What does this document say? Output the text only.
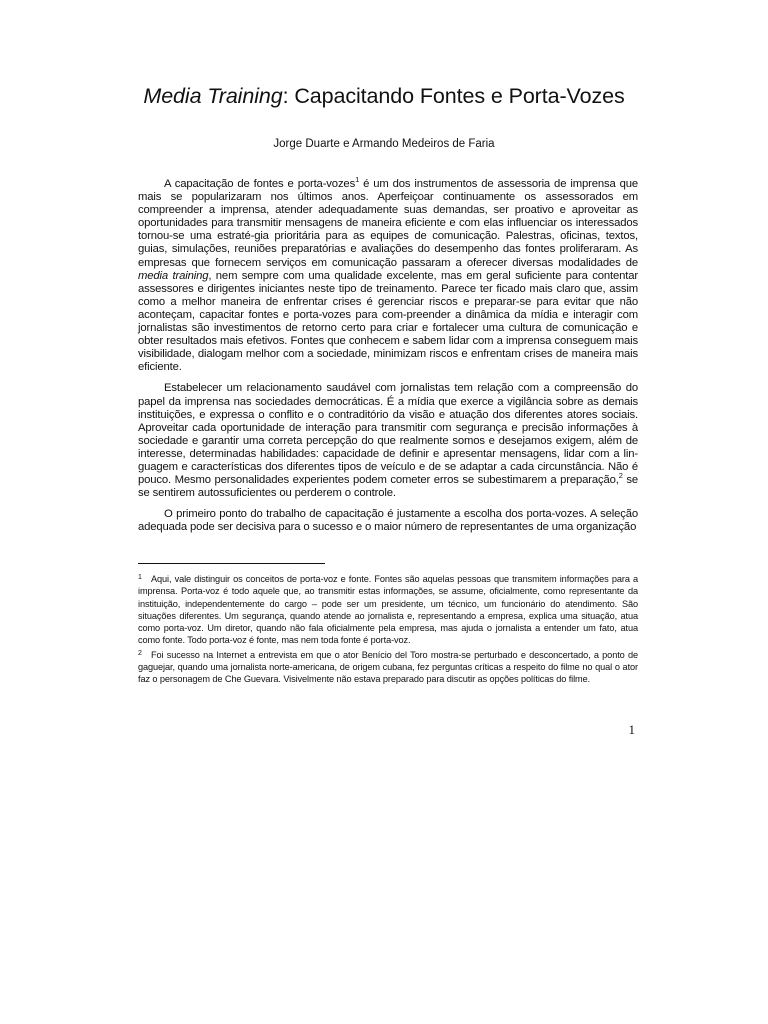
Media Training: Capacitando Fontes e Porta-Vozes
Jorge Duarte e Armando Medeiros de Faria

A capacitação de fontes e porta-vozes$^1$ é um dos instrumentos de assessoria de imprensa que mais se popularizaram nos últimos anos. Aperfeiçoar continuamente os assessorados em compreender a imprensa, atender adequadamente suas demandas, ser proativo e aproveitar as oportunidades para transmitir mensagens de maneira eficiente e com elas influenciar os interessados tornou-se uma estraté-gia prioritária para as equipes de comunicação. Palestras, oficinas, textos, guias, simulações, reuniões preparatórias e avaliações do desempenho das fontes proliferaram. As empresas que fornecem serviços em comunicação passaram a oferecer diversas modalidades de media training, nem sempre com uma qualidade excelente, mas em geral suficiente para contentar assessores e dirigentes iniciantes neste tipo de treinamento. Parece ter ficado mais claro que, assim como a melhor maneira de enfrentar crises é gerenciar riscos e preparar-se para evitar que não aconteçam, capacitar fontes e porta-vozes para com-preender a dinâmica da mídia e interagir com jornalistas são investimentos de retorno certo para criar e fortalecer uma cultura de comunicação e obter resultados mais efetivos. Fontes que conhecem e sabem lidar com a imprensa conseguem mais visibilidade, dialogam melhor com a sociedade, minimizam riscos e enfrentam crises de maneira mais eficiente.

Estabelecer um relacionamento saudável com jornalistas tem relação com a compreensão do papel da imprensa nas sociedades democráticas. É a mídia que exerce a vigilância sobre as demais instituições, e expressa o conflito e o contraditório da visão e atuação dos diferentes atores sociais. Aproveitar cada oportunidade de interação para transmitir com segurança e precisão informações à sociedade e garantir uma correta percepção do que realmente somos e desejamos exigem, além de interesse, determinadas habilidades: capacidade de definir e apresentar mensagens, lidar com a lin-guagem e características dos diferentes tipos de veículo e de se adaptar a cada circunstância. Não é pouco. Mesmo personalidades experientes podem cometer erros se subestimarem a preparação,$^2$ se se sentirem autossuficientes ou perderem o controle.

O primeiro ponto do trabalho de capacitação é justamente a escolha dos porta-vozes. A seleção adequada pode ser decisiva para o sucesso e o maior número de representantes de uma organização

1 Aqui, vale distinguir os conceitos de porta-voz e fonte. Fontes são aquelas pessoas que transmitem informações para a imprensa. Porta-voz é todo aquele que, ao transmitir estas informações, se assume, oficialmente, como representante da instituição, independentemente do cargo – pode ser um presidente, um técnico, um funcionário do atendimento. São situações diferentes. Um segurança, quando atende ao jornalista e, representando a empresa, explica uma situação, atua como porta-voz. Um diretor, quando não fala oficialmente pela empresa, mas ajuda o jornalista a entender um fato, atua como fonte. Todo porta-voz é fonte, mas nem toda fonte é porta-voz.
2 Foi sucesso na Internet a entrevista em que o ator Benício del Toro mostra-se perturbado e desconcertado, a ponto de gaguejar, quando uma jornalista norte-americana, de origem cubana, fez perguntas críticas a respeito do filme no qual o ator faz o personagem de Che Guevara. Visivelmente não estava preparado para discutir as opções políticas do filme.
1
